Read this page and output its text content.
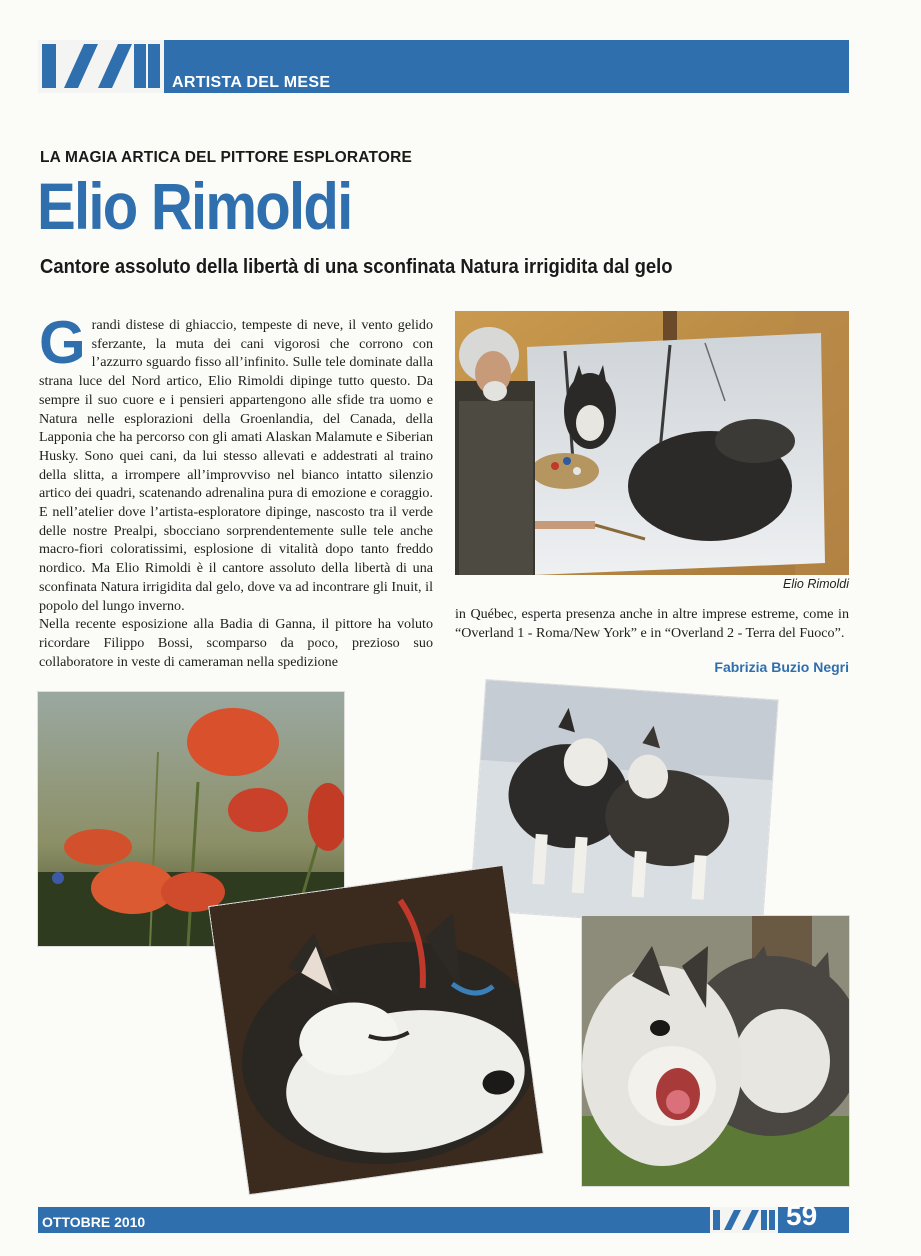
ARTISTA DEL MESE
LA MAGIA ARTICA DEL PITTORE ESPLORATORE
Elio Rimoldi
Cantore assoluto della libertà di una sconfinata Natura irrigidita dal gelo

Grandi distese di ghiaccio, tempeste di neve, il vento gelido sferzante, la muta dei cani vigorosi che corrono con l’azzurro sguardo fisso all’infinito. Sulle tele dominate dalla strana luce del Nord artico, Elio Rimoldi dipinge tutto questo. Da sempre il suo cuore e i pensieri appartengono alle sfide tra uomo e Natura nelle esplorazioni della Groenlandia, del Canada, della Lapponia che ha percorso con gli amati Alaskan Malamute e Siberian Husky. Sono quei cani, da lui stesso allevati e addestrati al traino della slitta, a irrompere all’improvviso nel bianco intatto silenzio artico dei quadri, scatenando adrenalina pura di emozione e coraggio. E nell’atelier dove l’artista-esploratore dipinge, nascosto tra il verde delle nostre Prealpi, sbocciano sorprendentemente sulle tele anche macro-fiori coloratissimi, esplosione di vitalità dopo tanto freddo nordico. Ma Elio Rimoldi è il cantore assoluto della libertà di una sconfinata Natura irrigidita dal gelo, dove va ad incontrare gli Inuit, il popolo del lungo inverno.

Nella recente esposizione alla Badia di Ganna, il pittore ha voluto ricordare Filippo Bossi, scomparso da poco, prezioso suo collaboratore in veste di cameraman nella spedizione

Elio Rimoldi

in Québec, esperta presenza anche in altre imprese estreme, come in “Overland 1 - Roma/New York” e in “Overland 2 - Terra del Fuoco”.

Fabrizia Buzio Negri
OTTOBRE 2010	59
